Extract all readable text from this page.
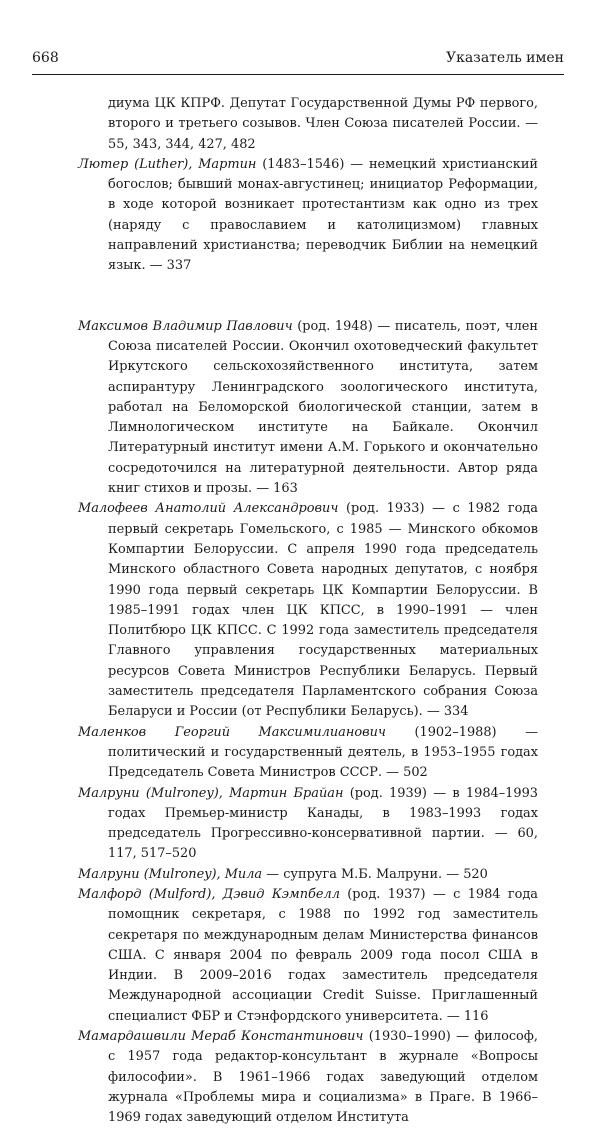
668	Указатель имен

диума ЦК КПРФ. Депутат Государственной Думы РФ первого, второго и третьего созывов. Член Союза писателей России. — 55, 343, 344, 427, 482

Лютер (Luther), Мартин (1483–1546) — немецкий христианский богослов; бывший монах-августинец; инициатор Реформации, в ходе которой возникает протестантизм как одно из трех (наряду с православием и католицизмом) главных направлений христианства; переводчик Библии на немецкий язык. — 337

Максимов Владимир Павлович (род. 1948) — писатель, поэт, член Союза писателей России. Окончил охотоведческий факультет Иркутского сельскохозяйственного института, затем аспирантуру Ленинградского зоологического института, работал на Беломорской биологической станции, затем в Лимнологическом институте на Байкале. Окончил Литературный институт имени А.М. Горького и окончательно сосредоточился на литературной деятельности. Автор ряда книг стихов и прозы. — 163

Малофеев Анатолий Александрович (род. 1933) — с 1982 года первый секретарь Гомельского, с 1985 — Минского обкомов Компартии Белоруссии. С апреля 1990 года председатель Минского областного Совета народных депутатов, с ноября 1990 года первый секретарь ЦК Компартии Белоруссии. В 1985–1991 годах член ЦК КПСС, в 1990–1991 — член Политбюро ЦК КПСС. С 1992 года заместитель председателя Главного управления государственных материальных ресурсов Совета Министров Республики Беларусь. Первый заместитель председателя Парламентского собрания Союза Беларуси и России (от Республики Беларусь). — 334

Маленков Георгий Максимилианович (1902–1988) — политический и государственный деятель, в 1953–1955 годах Председатель Совета Министров СССР. — 502

Малруни (Mulroney), Мартин Брайан (род. 1939) — в 1984–1993 годах Премьер-министр Канады, в 1983–1993 годах председатель Прогрессивно-консервативной партии. — 60, 117, 517–520

Малруни (Mulroney), Мила — супруга М.Б. Малруни. — 520

Малфорд (Mulford), Дэвид Кэмпбелл (род. 1937) — с 1984 года помощник секретаря, с 1988 по 1992 год заместитель секретаря по международным делам Министерства финансов США. С января 2004 по февраль 2009 года посол США в Индии. В 2009–2016 годах заместитель председателя Международной ассоциации Credit Suisse. Приглашенный специалист ФБР и Стэнфордского университета. — 116

Мамардашвили Мераб Константинович (1930–1990) — философ, с 1957 года редактор-консультант в журнале «Вопросы философии». В 1961–1966 годах заведующий отделом журнала «Проблемы мира и социализма» в Праге. В 1966–1969 годах заведующий отделом Института
